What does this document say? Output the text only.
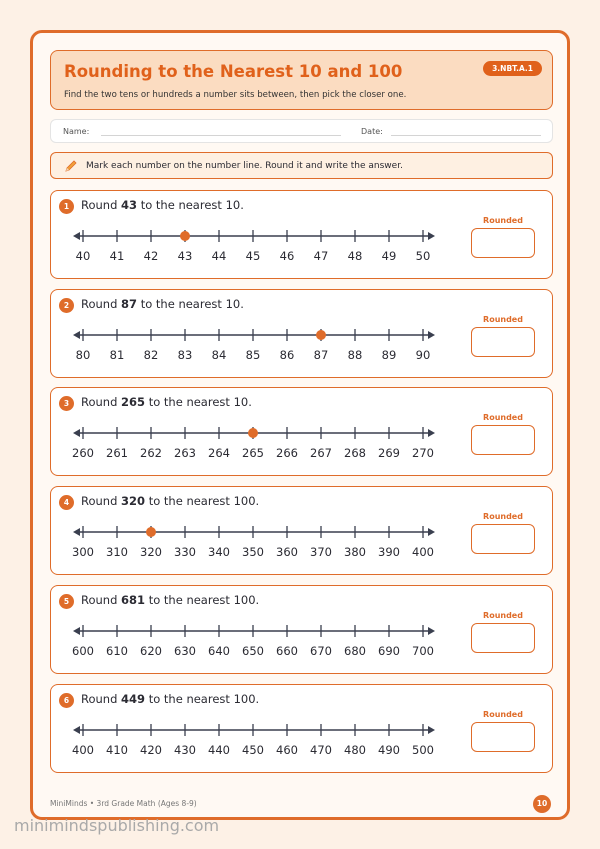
Rounding to the Nearest 10 and 100
Find the two tens or hundreds a number sits between, then pick the closer one.
3.NBT.A.1
Name:	Date:
Mark each number on the number line. Round it and write the answer.
1	Round 43 to the nearest 10.
40 41 42 43 44 45 46 47 48 49 50
Rounded
2	Round 87 to the nearest 10.
80 81 82 83 84 85 86 87 88 89 90
Rounded
3	Round 265 to the nearest 10.
260 261 262 263 264 265 266 267 268 269 270
Rounded
4	Round 320 to the nearest 100.
300 310 320 330 340 350 360 370 380 390 400
Rounded
5	Round 681 to the nearest 100.
600 610 620 630 640 650 660 670 680 690 700
Rounded
6	Round 449 to the nearest 100.
400 410 420 430 440 450 460 470 480 490 500
Rounded
MiniMinds • 3rd Grade Math (Ages 8-9)	10
minimindspublishing.com
